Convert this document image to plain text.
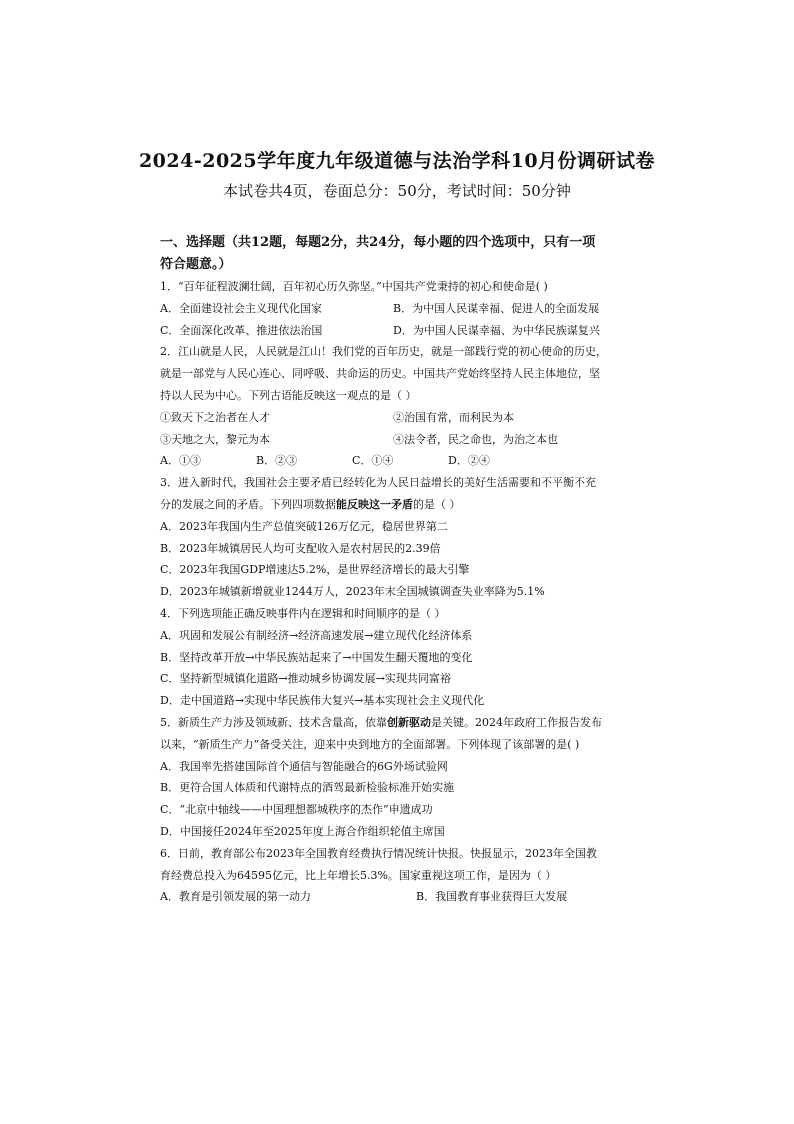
2024-2025学年度九年级道德与法治学科10月份调研试卷
本试卷共4页，卷面总分：50分，考试时间：50分钟
一、选择题（共12题，每题2分，共24分，每小题的四个选项中，只有一项
符合题意。）
1．“百年征程波澜壮阔，百年初心历久弥坚。”中国共产党秉持的初心和使命是( )
A．全面建设社会主义现代化国家	B．为中国人民谋幸福、促进人的全面发展
C．全面深化改革、推进依法治国	D．为中国人民谋幸福、为中华民族谋复兴
2．江山就是人民，人民就是江山！我们党的百年历史，就是一部践行党的初心使命的历史，
就是一部党与人民心连心、同呼吸、共命运的历史。中国共产党始终坚持人民主体地位，坚
持以人民为中心。下列古语能反映这一观点的是（ ）
①致天下之治者在人才	②治国有常，而利民为本
③天地之大，黎元为本	④法令者，民之命也，为治之本也
A．①③	B．②③	C．①④	D．②④
3．进入新时代，我国社会主要矛盾已经转化为人民日益增长的美好生活需要和不平衡不充
分的发展之间的矛盾。下列四项数据能反映这一矛盾的是（ ）
A．2023年我国内生产总值突破126万亿元，稳居世界第二
B．2023年城镇居民人均可支配收入是农村居民的2.39倍
C．2023年我国GDP增速达5.2%，是世界经济增长的最大引擎
D．2023年城镇新增就业1244万人，2023年末全国城镇调查失业率降为5.1%
4．下列选项能正确反映事件内在逻辑和时间顺序的是（ ）
A．巩固和发展公有制经济→经济高速发展→建立现代化经济体系
B．坚持改革开放→中华民族站起来了→中国发生翻天覆地的变化
C．坚持新型城镇化道路→推动城乡协调发展→实现共同富裕
D．走中国道路→实现中华民族伟大复兴→基本实现社会主义现代化
5．新质生产力涉及领域新、技术含量高，依靠创新驱动是关键。2024年政府工作报告发布
以来，“新质生产力”备受关注，迎来中央到地方的全面部署。下列体现了该部署的是( )
A．我国率先搭建国际首个通信与智能融合的6G外场试验网
B．更符合国人体质和代谢特点的酒驾最新检验标准开始实施
C．“北京中轴线——中国理想都城秩序的杰作”申遗成功
D．中国接任2024年至2025年度上海合作组织轮值主席国
6．日前，教育部公布2023年全国教育经费执行情况统计快报。快报显示，2023年全国教
育经费总投入为64595亿元，比上年增长5.3%。国家重视这项工作，是因为（ ）
A．教育是引领发展的第一动力	B．我国教育事业获得巨大发展
